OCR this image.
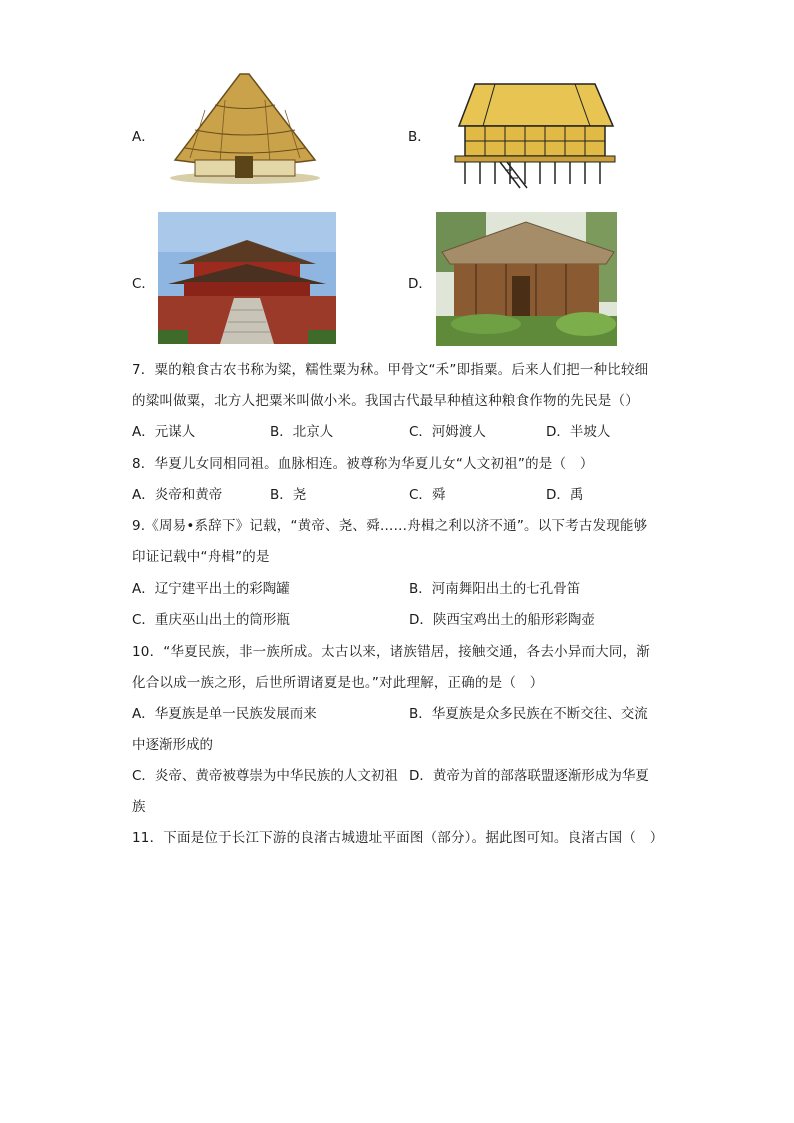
A．	B．
C．	D．
7．粟的粮食古农书称为粱，糯性粟为秫。甲骨文“禾”即指粟。后来人们把一种比较细
的粱叫做粟，北方人把粟米叫做小米。我国古代最早种植这种粮食作物的先民是（）
A．元谋人	B．北京人	C．河姆渡人	D．半坡人
8．华夏儿女同相同祖。血脉相连。被尊称为华夏儿女“人文初祖”的是（　）
A．炎帝和黄帝	B．尧	C．舜	D．禹
9.《周易•系辞下》记载，“黄帝、尧、舜……舟楫之利以济不通”。以下考古发现能够
印证记载中“舟楫”的是
A．辽宁建平出土的彩陶罐	B．河南舞阳出土的七孔骨笛
C．重庆巫山出土的筒形瓶	D．陕西宝鸡出土的船形彩陶壶
10．“华夏民族，非一族所成。太古以来，诸族错居，接触交通，各去小异而大同，渐
化合以成一族之形，后世所谓诸夏是也。”对此理解，正确的是（　）
A．华夏族是单一民族发展而来	B．华夏族是众多民族在不断交往、交流
中逐渐形成的
C．炎帝、黄帝被尊崇为中华民族的人文初祖 D．黄帝为首的部落联盟逐渐形成为华夏
族
11．下面是位于长江下游的良渚古城遗址平面图（部分）。据此图可知。良渚古国（　）
